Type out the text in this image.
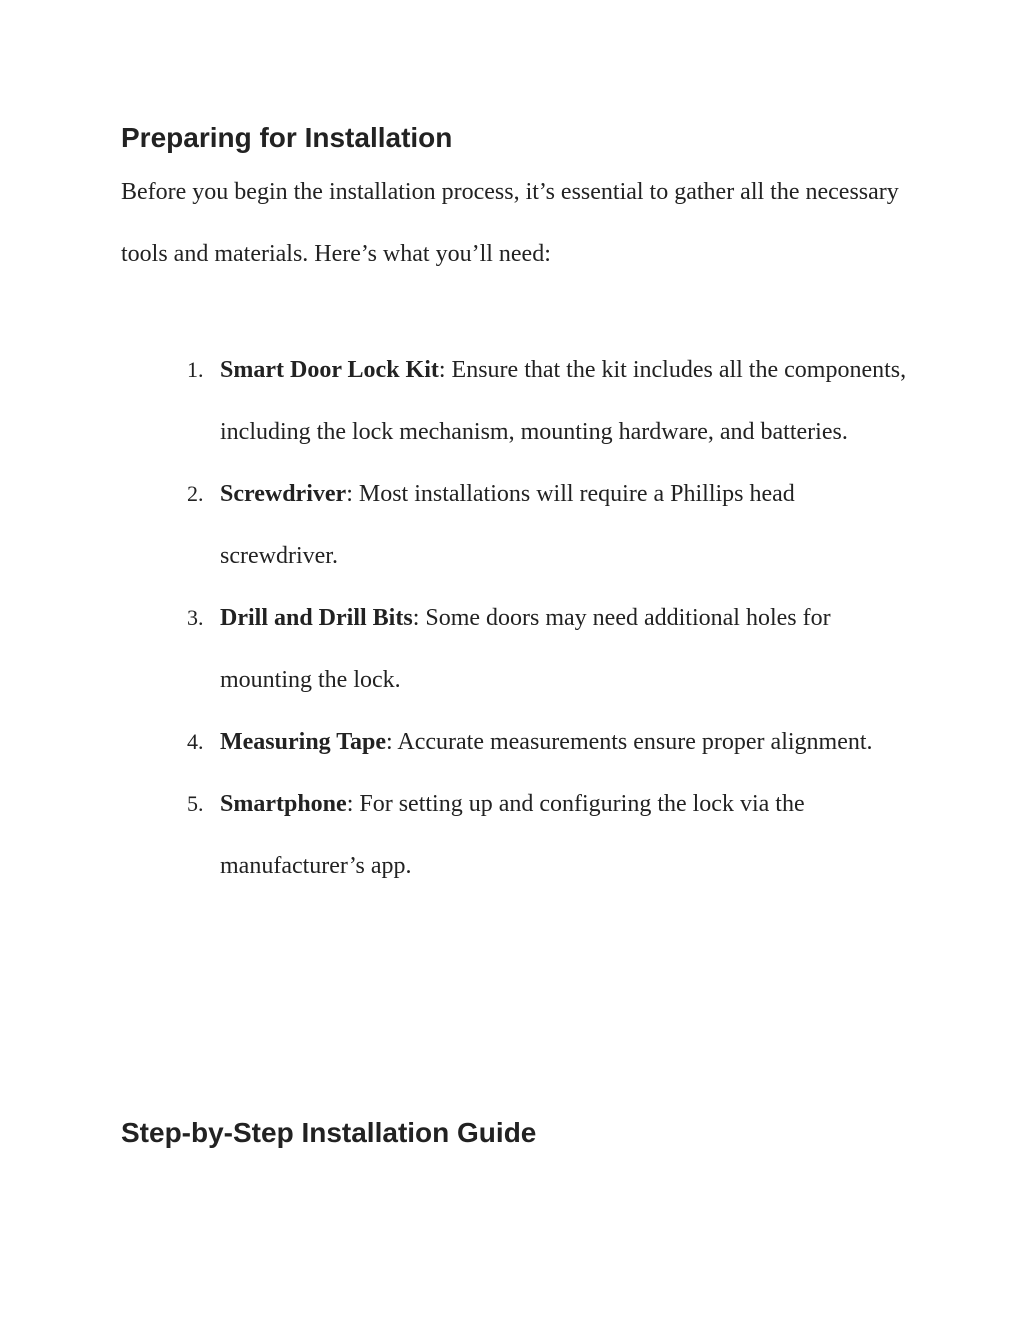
Preparing for Installation

Before you begin the installation process, it’s essential to gather all the necessary tools and materials. Here’s what you’ll need:

1. Smart Door Lock Kit: Ensure that the kit includes all the components, including the lock mechanism, mounting hardware, and batteries.
2. Screwdriver: Most installations will require a Phillips head screwdriver.
3. Drill and Drill Bits: Some doors may need additional holes for mounting the lock.
4. Measuring Tape: Accurate measurements ensure proper alignment.
5. Smartphone: For setting up and configuring the lock via the manufacturer’s app.
Step-by-Step Installation Guide
